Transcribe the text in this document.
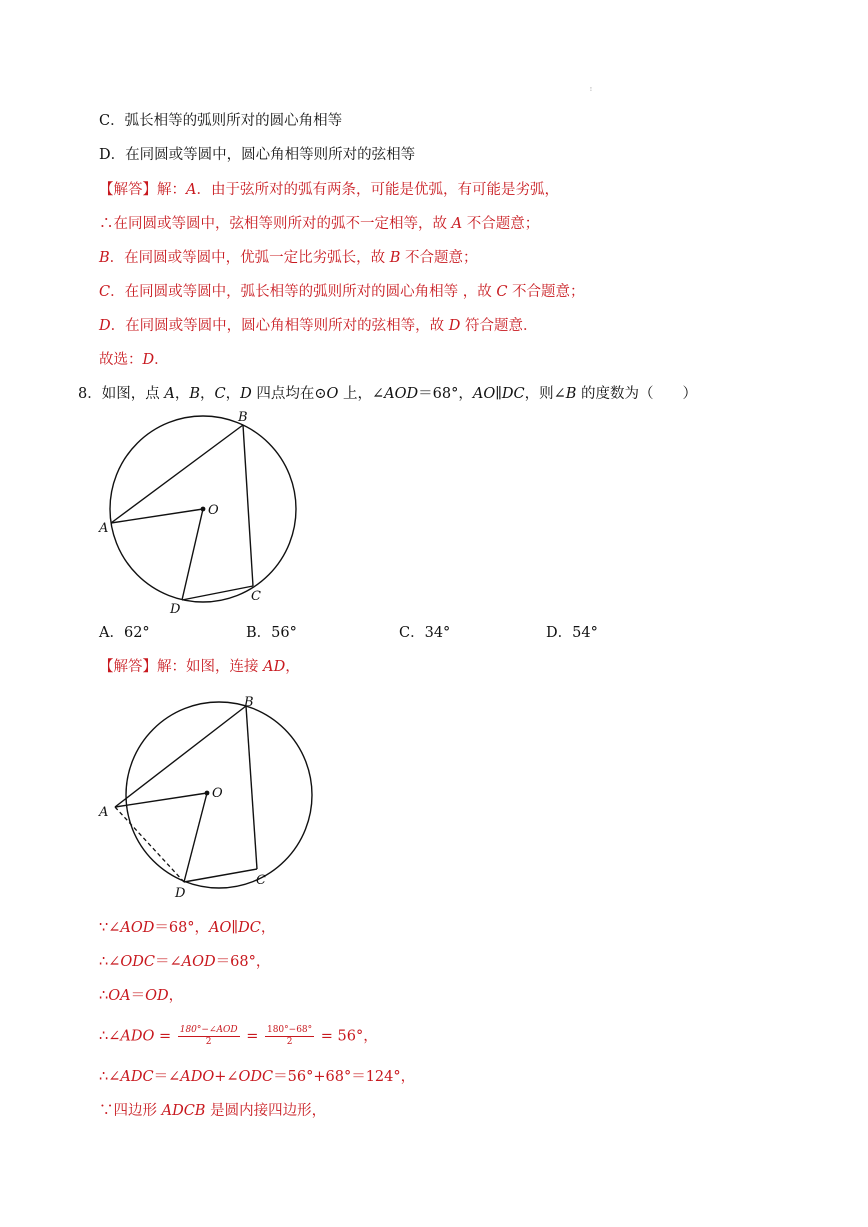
⁝
C．弧长相等的弧则所对的圆心角相等
D．在同圆或等圆中，圆心角相等则所对的弦相等
【解答】解：A．由于弦所对的弧有两条，可能是优弧，有可能是劣弧，
∴在同圆或等圆中，弦相等则所对的弧不一定相等，故 A 不合题意；
B．在同圆或等圆中，优弧一定比劣弧长，故 B 不合题意；
C．在同圆或等圆中，弧长相等的弧则所对的圆心角相等 ，故 C 不合题意；
D．在同圆或等圆中，圆心角相等则所对的弦相等，故 D 符合题意．
故选：D．
8．如图，点 A，B，C，D 四点均在⊙O 上，∠AOD＝68°，AO∥DC，则∠B 的度数为（　　）
B
O
A
D
C
B
O
A
D
C
A．62°	B．56°	C．34°	D．54°
【解答】解：如图，连接 AD，
∵∠AOD＝68°，AO∥DC，
∴∠ODC＝∠AOD＝68°，
∴OA＝OD，
∴∠ADO = $\frac{\text{180°−∠AOD}}{2} = \frac{180^\circ-68^\circ}{2} = 56^\circ$，
∴∠ADC＝∠ADO+∠ODC＝56°+68°＝124°，
∵四边形 ADCB 是圆内接四边形，
